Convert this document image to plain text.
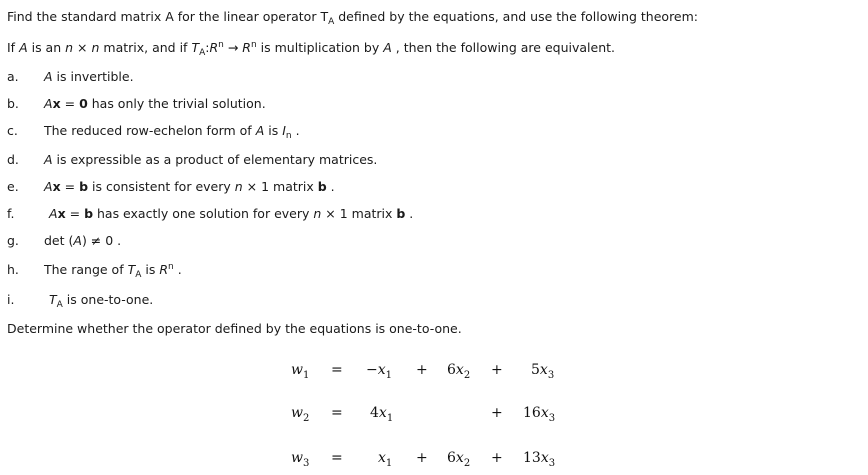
Find the standard matrix A for the linear operator $T_A$ defined by the equations, and use the following theorem:
If A is an n × n matrix, and if $T_A:R^n \to R^n$ is multiplication by A , then the following are equivalent.
a. A is invertible.
b. Ax = 0 has only the trivial solution.
c. The reduced row-echelon form of A is $I_n$ .
d. A is expressible as a product of elementary matrices.
e. Ax = b is consistent for every n × 1 matrix b .
f.	Ax = b has exactly one solution for every n × 1 matrix b .
g. det (A) ≠ 0 .
h. The range of $T_A$ is $R^n$ .
i.	$T_A$ is one-to-one.
Determine whether the operator defined by the equations is one-to-one.
$w_1 = -x_1 + 6x_2 + 5x_3$
$w_2 = 4x_1$	+ $16x_3$
$w_3$ =	$x_1 + 6x_2 + 13x_3$
